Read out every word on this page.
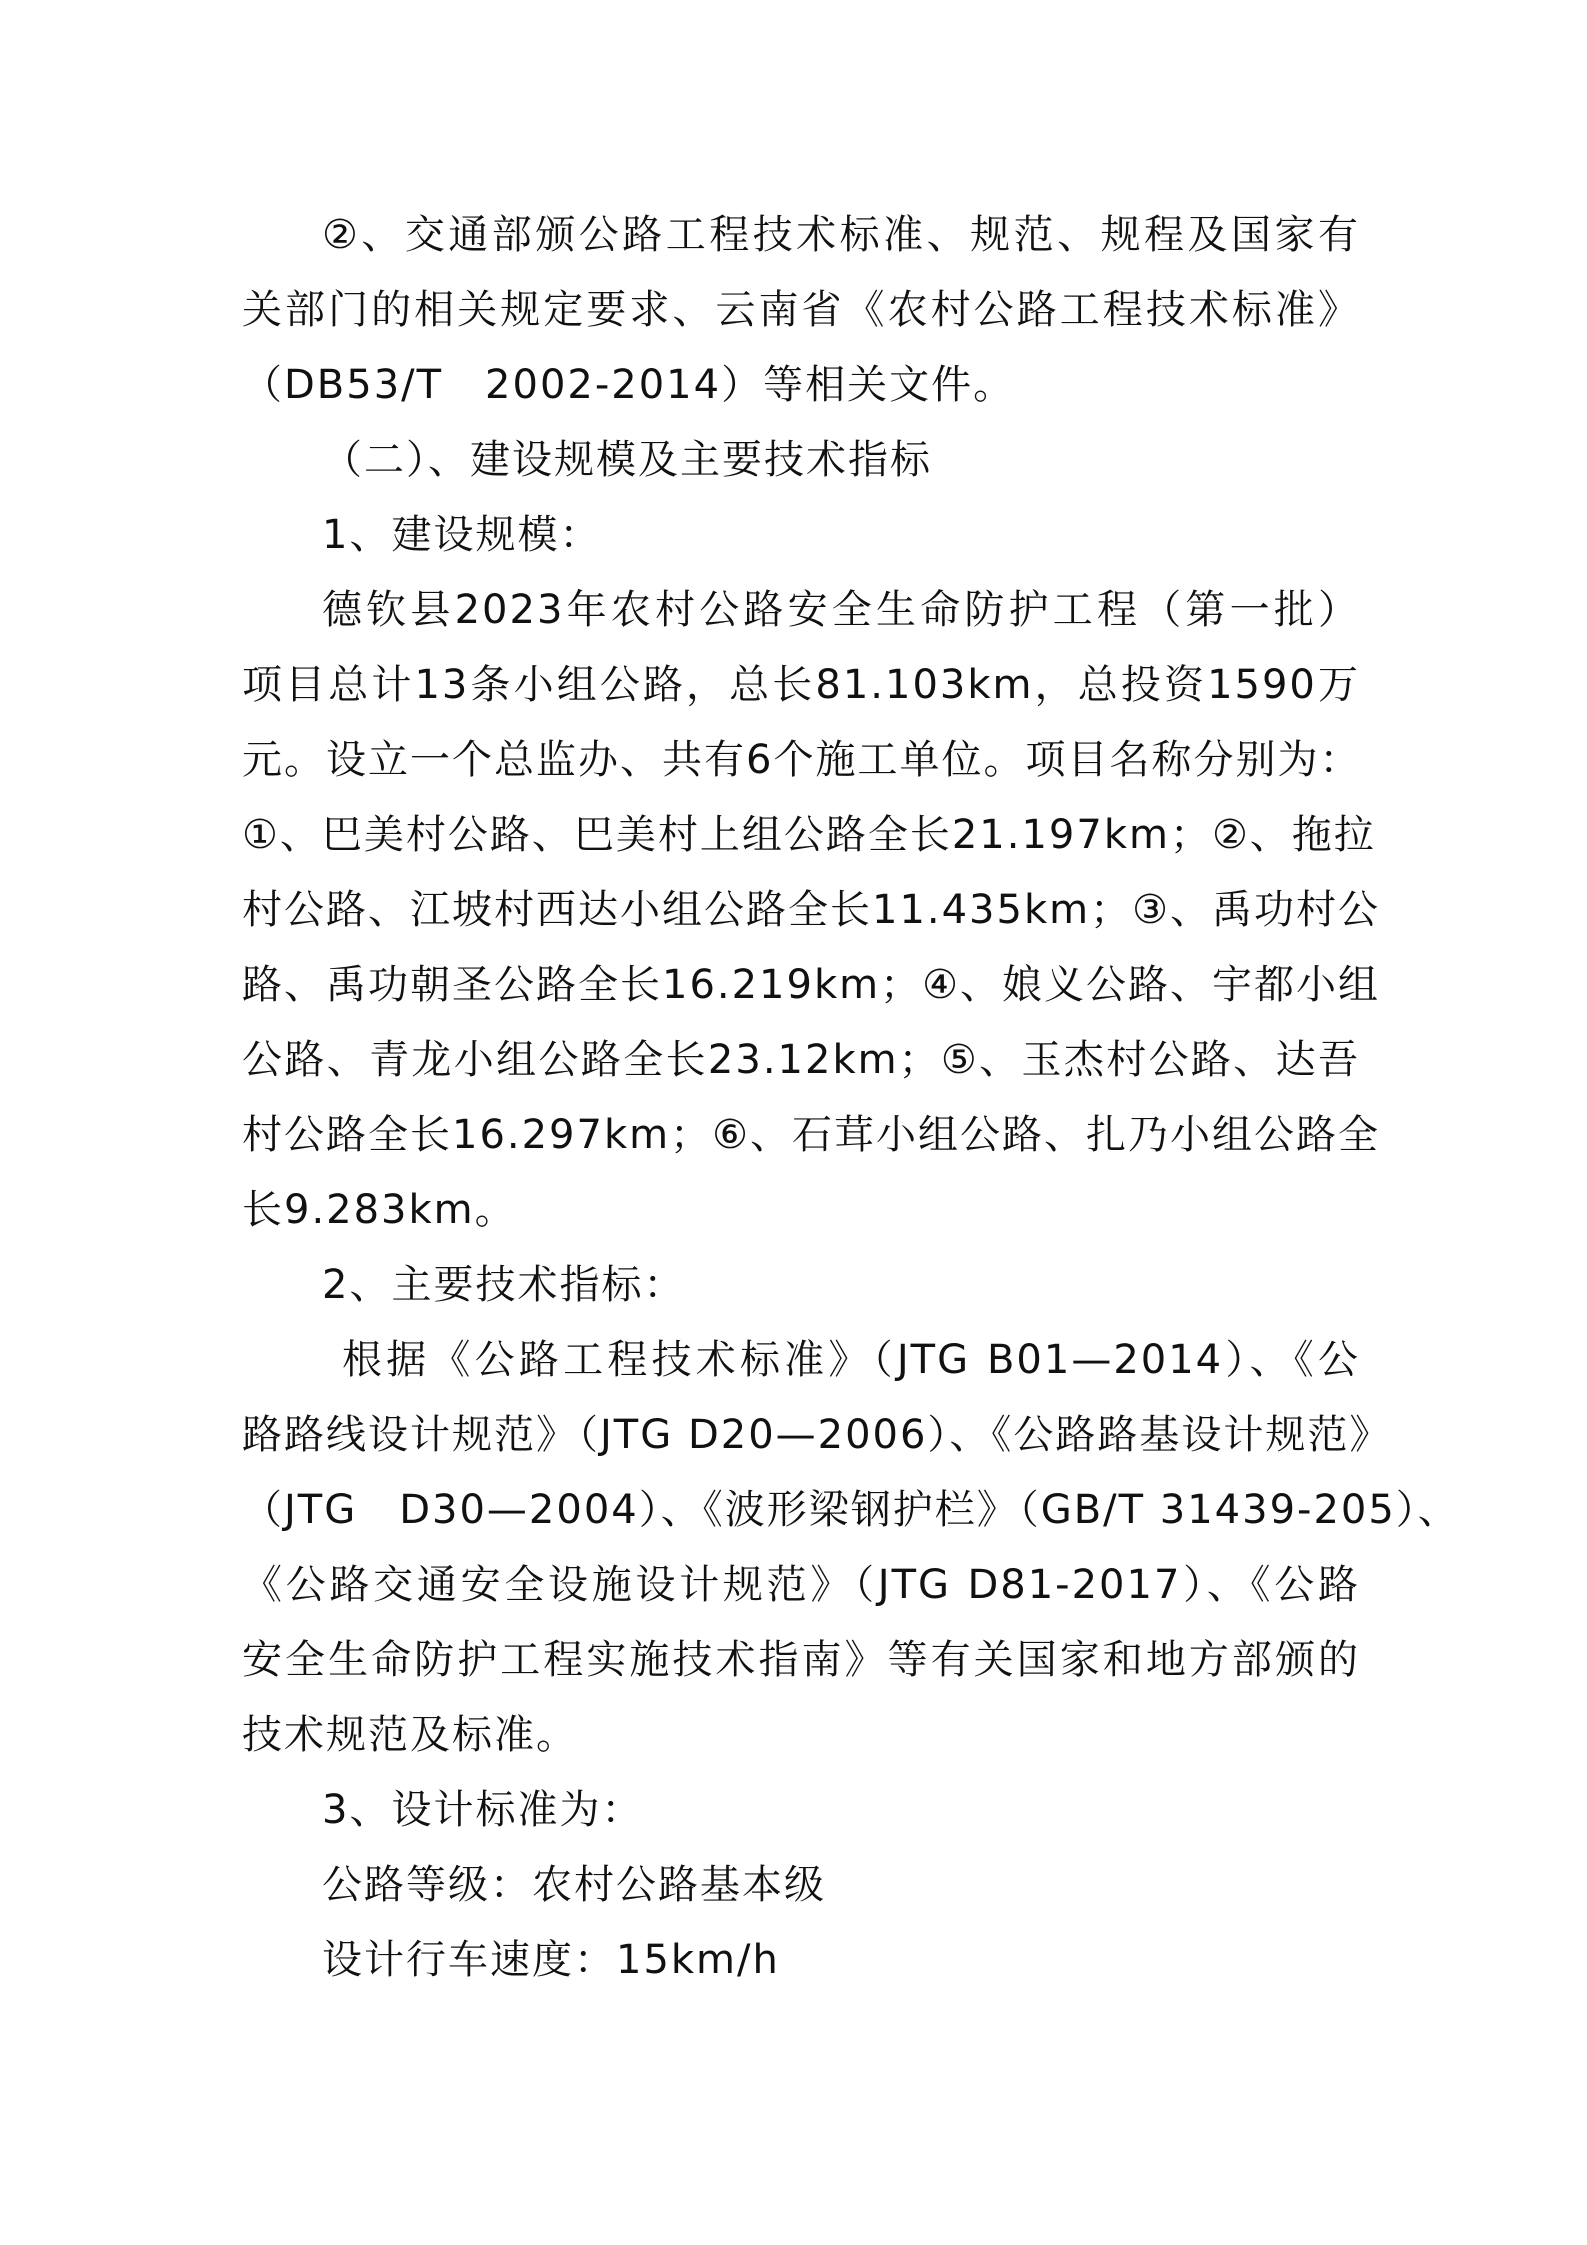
②、交通部颁公路工程技术标准、规范、规程及国家有
关部门的相关规定要求、云南省《农村公路工程技术标准》
（DB53/T　2002-2014）等相关文件。
（二）、建设规模及主要技术指标
1、建设规模：
德钦县2023年农村公路安全生命防护工程（第一批）
项目总计13条小组公路，总长81.103km，总投资1590万
元。设立一个总监办、共有6个施工单位。项目名称分别为：
①、巴美村公路、巴美村上组公路全长21.197km；②、拖拉
村公路、江坡村西达小组公路全长11.435km；③、禹功村公
路、禹功朝圣公路全长16.219km；④、娘义公路、宇都小组
公路、青龙小组公路全长23.12km；⑤、玉杰村公路、达吾
村公路全长16.297km；⑥、石茸小组公路、扎乃小组公路全
长9.283km。
2、主要技术指标：
根据《公路工程技术标准》（JTG B01—2014）、《公
路路线设计规范》（JTG D20—2006）、《公路路基设计规范》
（JTG　D30—2004）、《波形梁钢护栏》（GB/T 31439-205）、
《公路交通安全设施设计规范》（JTG D81-2017）、《公路
安全生命防护工程实施技术指南》等有关国家和地方部颁的
技术规范及标准。
3、设计标准为：
公路等级：农村公路基本级
设计行车速度：15km/h
